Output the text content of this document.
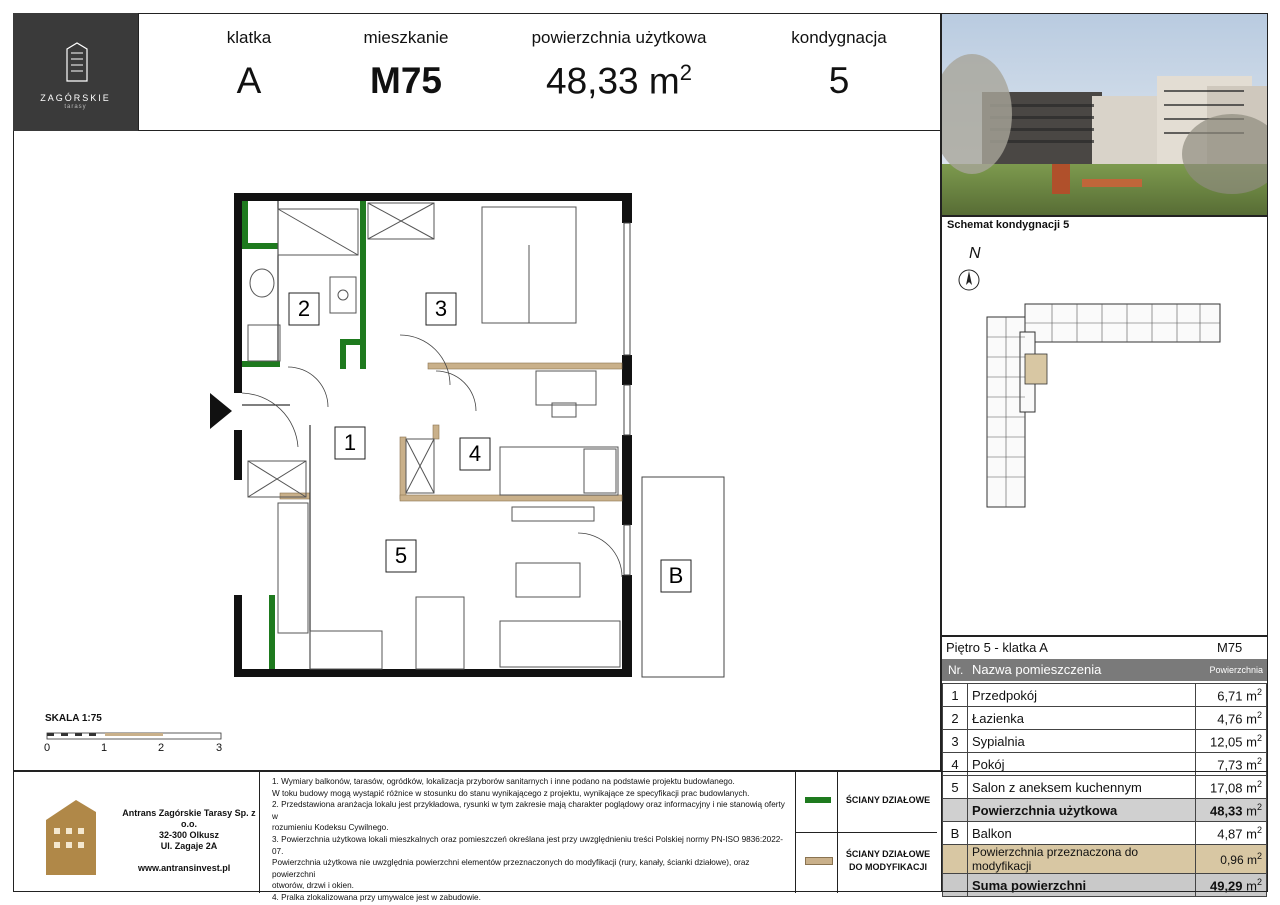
ZAGÓRSKIE
tarasy
klatka
A
mieszkanie
M75
powierzchnia użytkowa
48,33 $m^2$
kondygnacja
5
Schemat kondygnacji 5
N
Piętro 5 - klatka A	M75
Nr. Nazwa pomieszczenia	Powierzchnia
1	Przedpokój	6,71 $m^2$
2	Łazienka	4,76 $m^2$
3	Sypialnia	12,05 $m^2$
4	Pokój	7,73 $m^2$
5	Salon z aneksem kuchennym	17,08 $m^2$
	Powierzchnia użytkowa	48,33 $m^2$
B	Balkon	4,87 $m^2$
	Powierzchnia przeznaczona do modyfikacji	0,96 $m^2$
	Suma powierzchni	49,29 $m^2$
2	3
1	4
5
B
SKALA 1:75
0	1	2	3
Antrans Zagórskie Tarasy Sp. z o.o.
32-300 Olkusz
Ul. Zagaje 2A
www.antransinvest.pl
1. Wymiary balkonów, tarasów, ogródków, lokalizacja przyborów sanitarnych i inne podano na podstawie projektu budowlanego.
W toku budowy mogą wystąpić różnice w stosunku do stanu wynikającego z projektu, wynikające ze specyfikacji prac budowlanych.
2. Przedstawiona aranżacja lokalu jest przykładowa, rysunki w tym zakresie mają charakter poglądowy oraz informacyjny i nie stanowią oferty w
rozumieniu Kodeksu Cywilnego.
3. Powierzchnia użytkowa lokali mieszkalnych oraz pomieszczeń określana jest przy uwzględnieniu treści Polskiej normy PN-ISO 9836:2022-07.
Powierzchnia użytkowa nie uwzględnia powierzchni elementów przeznaczonych do modyfikacji (rury, kanały, ścianki działowe), oraz powierzchni
otworów, drzwi i okien.
4. Pralka zlokalizowana przy umywalce jest w zabudowie.
ŚCIANY DZIAŁOWE
ŚCIANY DZIAŁOWE
DO MODYFIKACJI
